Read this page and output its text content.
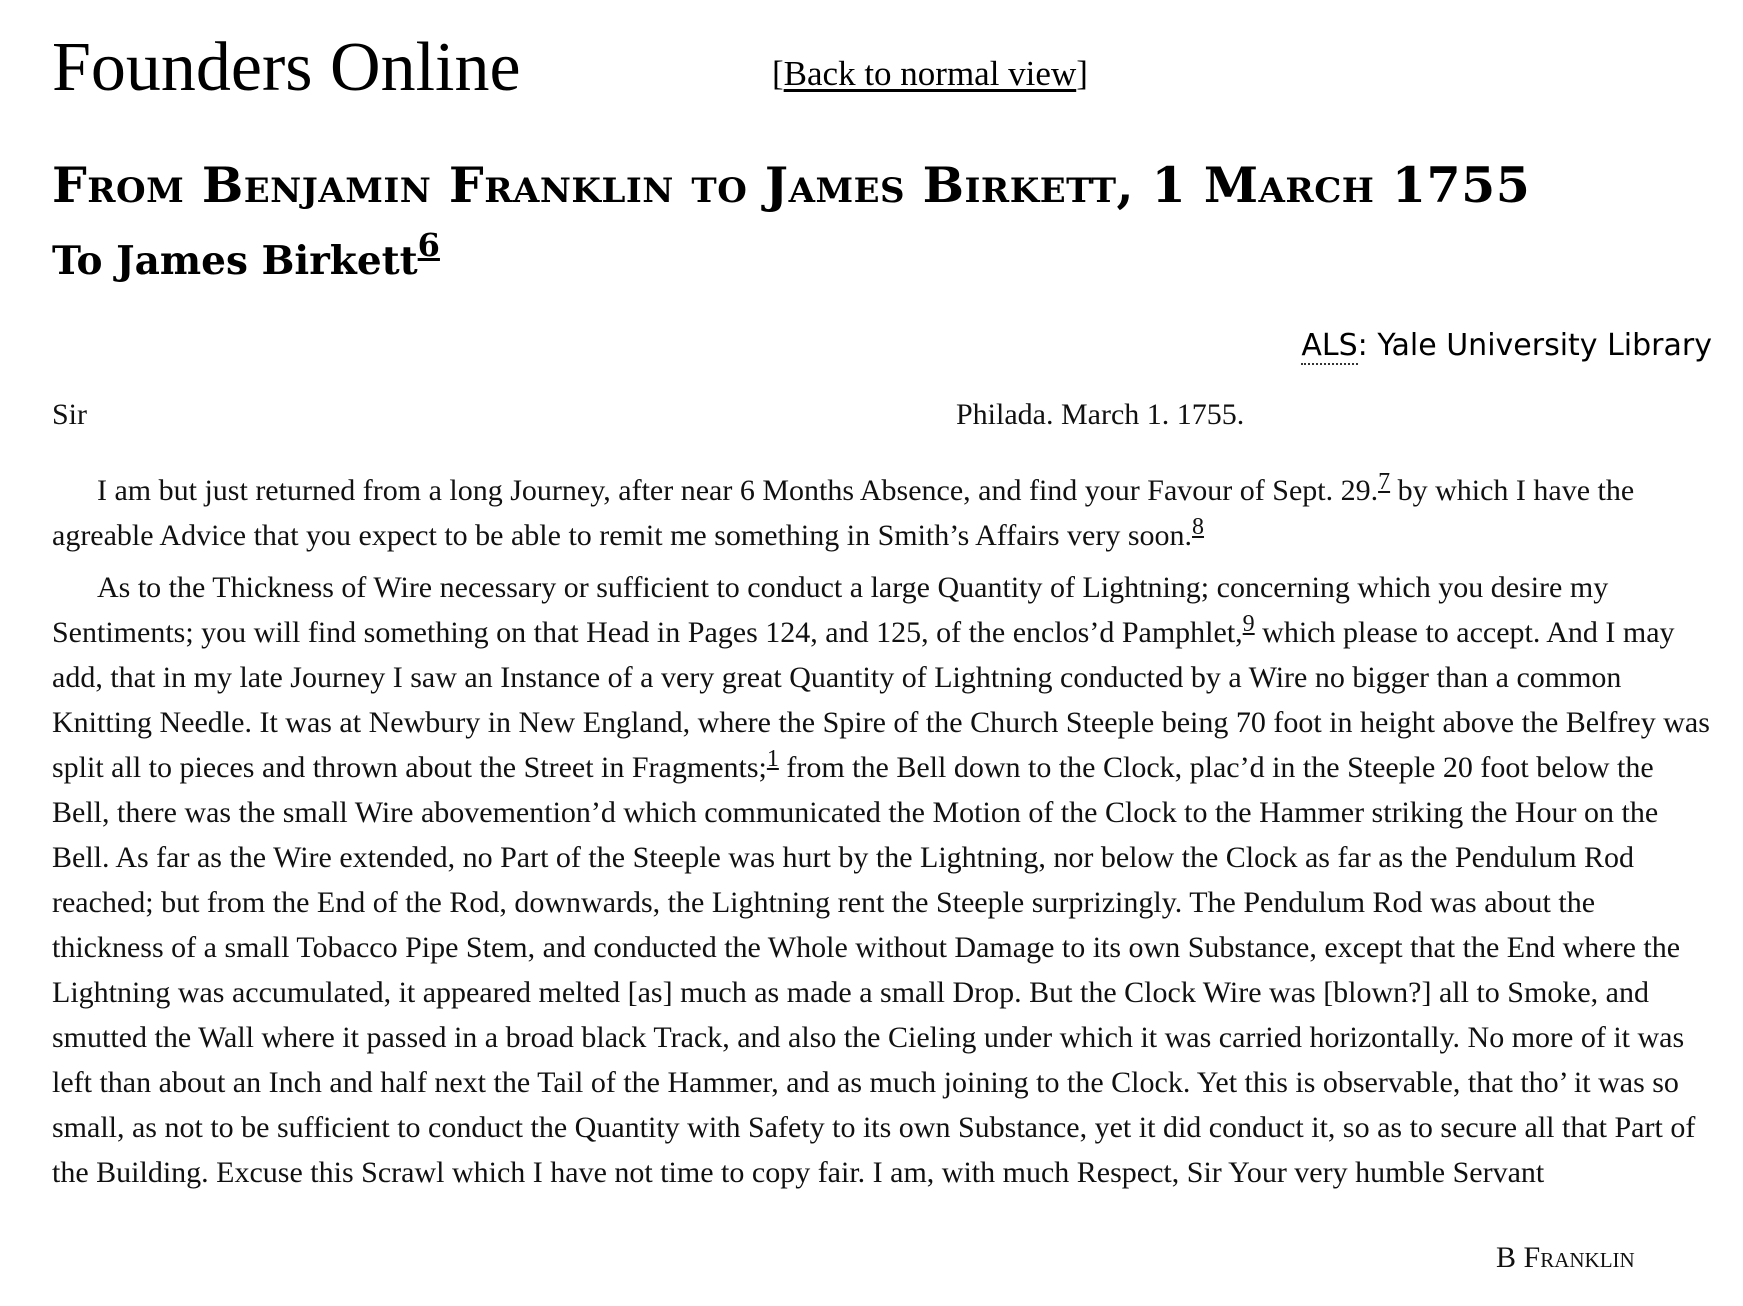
Founders Online	[Back to normal view]
From Benjamin Franklin to James Birkett, 1 March 1755
To James Birkett$^6$
ALS: Yale University Library
Sir	Philada. March 1. 1755.

I am but just returned from a long Journey, after near 6 Months Absence, and find your Favour of Sept. 29.$^7$ by which I have the agreable Advice that you expect to be able to remit me something in Smith’s Affairs very soon.$^8$

As to the Thickness of Wire necessary or sufficient to conduct a large Quantity of Lightning; concerning which you desire my Sentiments; you will find something on that Head in Pages 124, and 125, of the enclos’d Pamphlet,$^9$ which please to accept. And I may add, that in my late Journey I saw an Instance of a very great Quantity of Lightning conducted by a Wire no bigger than a common Knitting Needle. It was at Newbury in New England, where the Spire of the Church Steeple being 70 foot in height above the Belfrey was split all to pieces and thrown about the Street in Fragments;$^1$ from the Bell down to the Clock, plac’d in the Steeple 20 foot below the Bell, there was the small Wire abovemention’d which communicated the Motion of the Clock to the Hammer striking the Hour on the Bell. As far as the Wire extended, no Part of the Steeple was hurt by the Lightning, nor below the Clock as far as the Pendulum Rod reached; but from the End of the Rod, downwards, the Lightning rent the Steeple surprizingly. The Pendulum Rod was about the thickness of a small Tobacco Pipe Stem, and conducted the Whole without Damage to its own Substance, except that the End where the Lightning was accumulated, it appeared melted [as] much as made a small Drop. But the Clock Wire was [blown?] all to Smoke, and smutted the Wall where it passed in a broad black Track, and also the Cieling under which it was carried horizontally. No more of it was left than about an Inch and half next the Tail of the Hammer, and as much joining to the Clock. Yet this is observable, that tho’ it was so small, as not to be sufficient to conduct the Quantity with Safety to its own Substance, yet it did conduct it, so as to secure all that Part of the Building. Excuse this Scrawl which I have not time to copy fair. I am, with much Respect, Sir Your very humble Servant

B Franklin
